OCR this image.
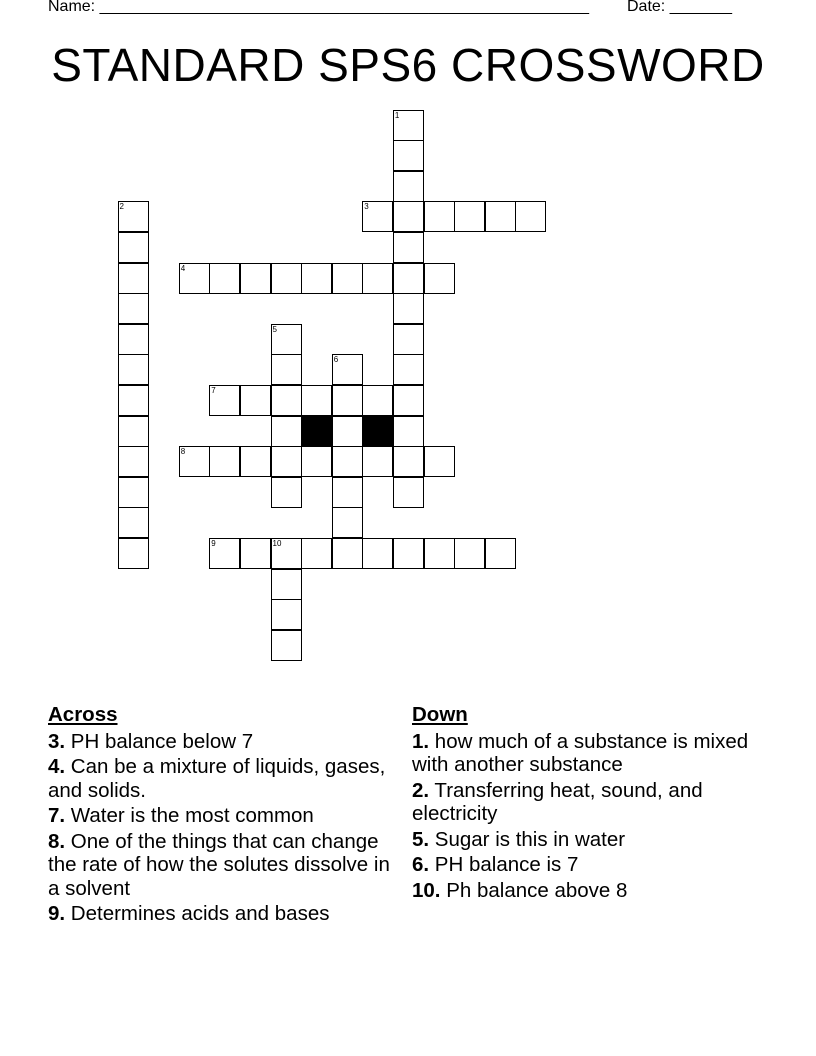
Name: _______________________________________________________ Date: _______
STANDARD SPS6 CROSSWORD
1
2	3
4
5
6
7
8
9	10
Across
3. PH balance below 7
4. Can be a mixture of liquids, gases, and solids.
7. Water is the most common
8. One of the things that can change the rate of how the solutes dissolve in a solvent
9. Determines acids and bases
Down
1. how much of a substance is mixed with another substance
2. Transferring heat, sound, and electricity
5. Sugar is this in water
6. PH balance is 7
10. Ph balance above 8
